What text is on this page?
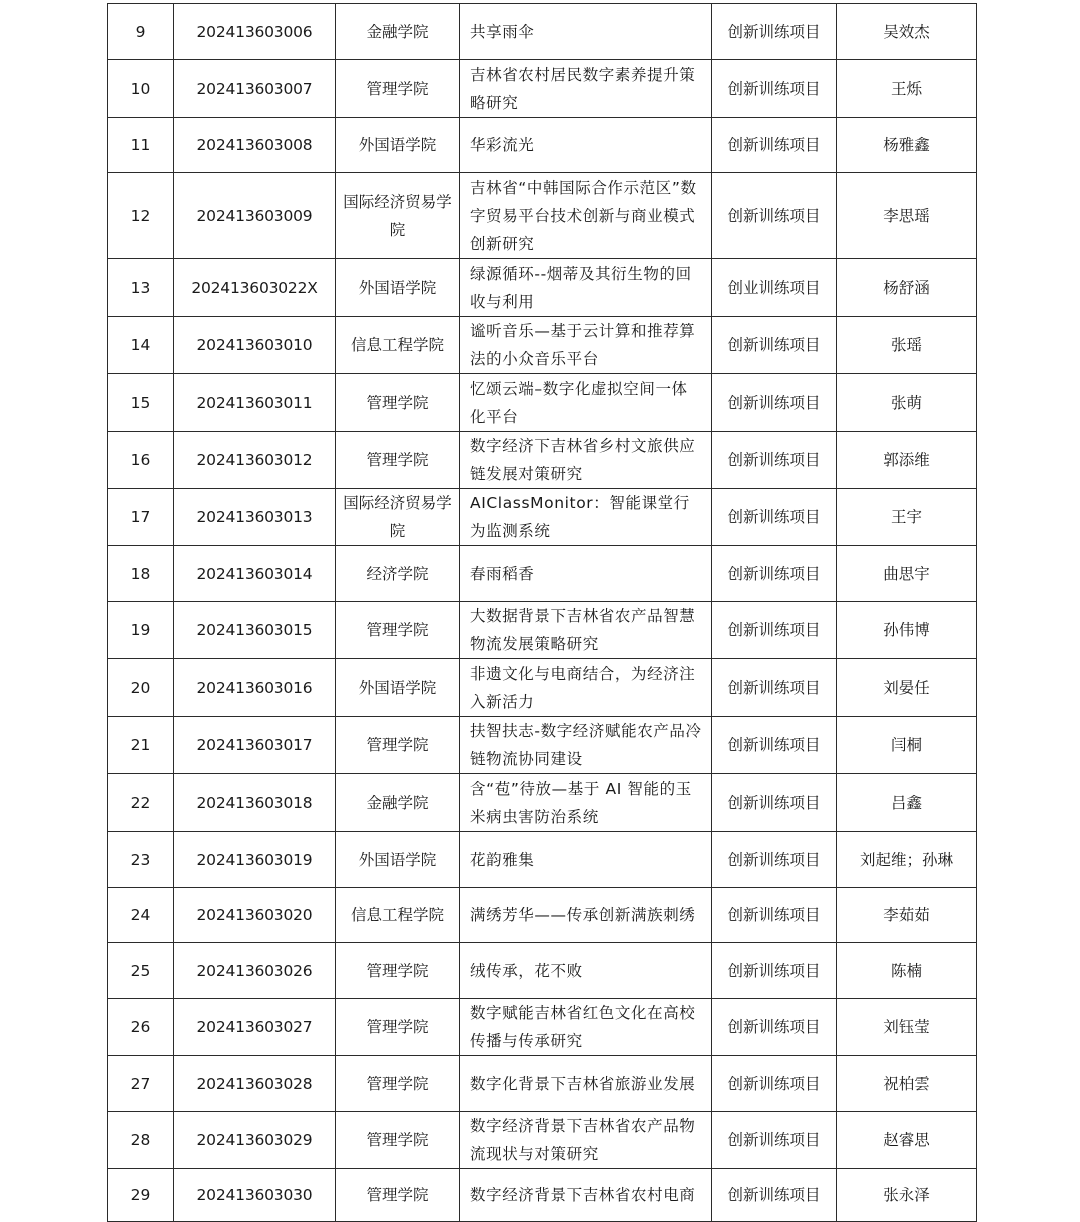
9	202413603006	金融学院	共享雨伞	创新训练项目	吴效杰
10	202413603007	管理学院	吉林省农村居民数字素养提升策略研究	创新训练项目	王烁
11	202413603008	外国语学院	华彩流光	创新训练项目	杨雅鑫
12	202413603009	国际经济贸易学院	吉林省“中韩国际合作示范区”数字贸易平台技术创新与商业模式创新研究	创新训练项目	李思瑶
13	202413603022X	外国语学院	绿源循环--烟蒂及其衍生物的回收与利用	创业训练项目	杨舒涵
14	202413603010	信息工程学院	谧听音乐—基于云计算和推荐算法的小众音乐平台	创新训练项目	张瑶
15	202413603011	管理学院	忆颂云端–数字化虚拟空间一体化平台	创新训练项目	张萌
16	202413603012	管理学院	数字经济下吉林省乡村文旅供应链发展对策研究	创新训练项目	郭添维
17	202413603013	国际经济贸易学院	AIClassMonitor：智能课堂行为监测系统	创新训练项目	王宇
18	202413603014	经济学院	春雨稻香	创新训练项目	曲思宇
19	202413603015	管理学院	大数据背景下吉林省农产品智慧物流发展策略研究	创新训练项目	孙伟博
20	202413603016	外国语学院	非遗文化与电商结合，为经济注入新活力	创新训练项目	刘晏任
21	202413603017	管理学院	扶智扶志-数字经济赋能农产品冷链物流协同建设	创新训练项目	闫桐
22	202413603018	金融学院	含“苞”待放—基于 AI 智能的玉米病虫害防治系统	创新训练项目	吕鑫
23	202413603019	外国语学院	花韵雅集	创新训练项目	刘起维；孙琳
24	202413603020	信息工程学院	满绣芳华——传承创新满族刺绣	创新训练项目	李茹茹
25	202413603026	管理学院	绒传承，花不败	创新训练项目	陈楠
26	202413603027	管理学院	数字赋能吉林省红色文化在高校传播与传承研究	创新训练项目	刘钰莹
27	202413603028	管理学院	数字化背景下吉林省旅游业发展	创新训练项目	祝柏雲
28	202413603029	管理学院	数字经济背景下吉林省农产品物流现状与对策研究	创新训练项目	赵睿思
29	202413603030	管理学院	数字经济背景下吉林省农村电商	创新训练项目	张永泽
